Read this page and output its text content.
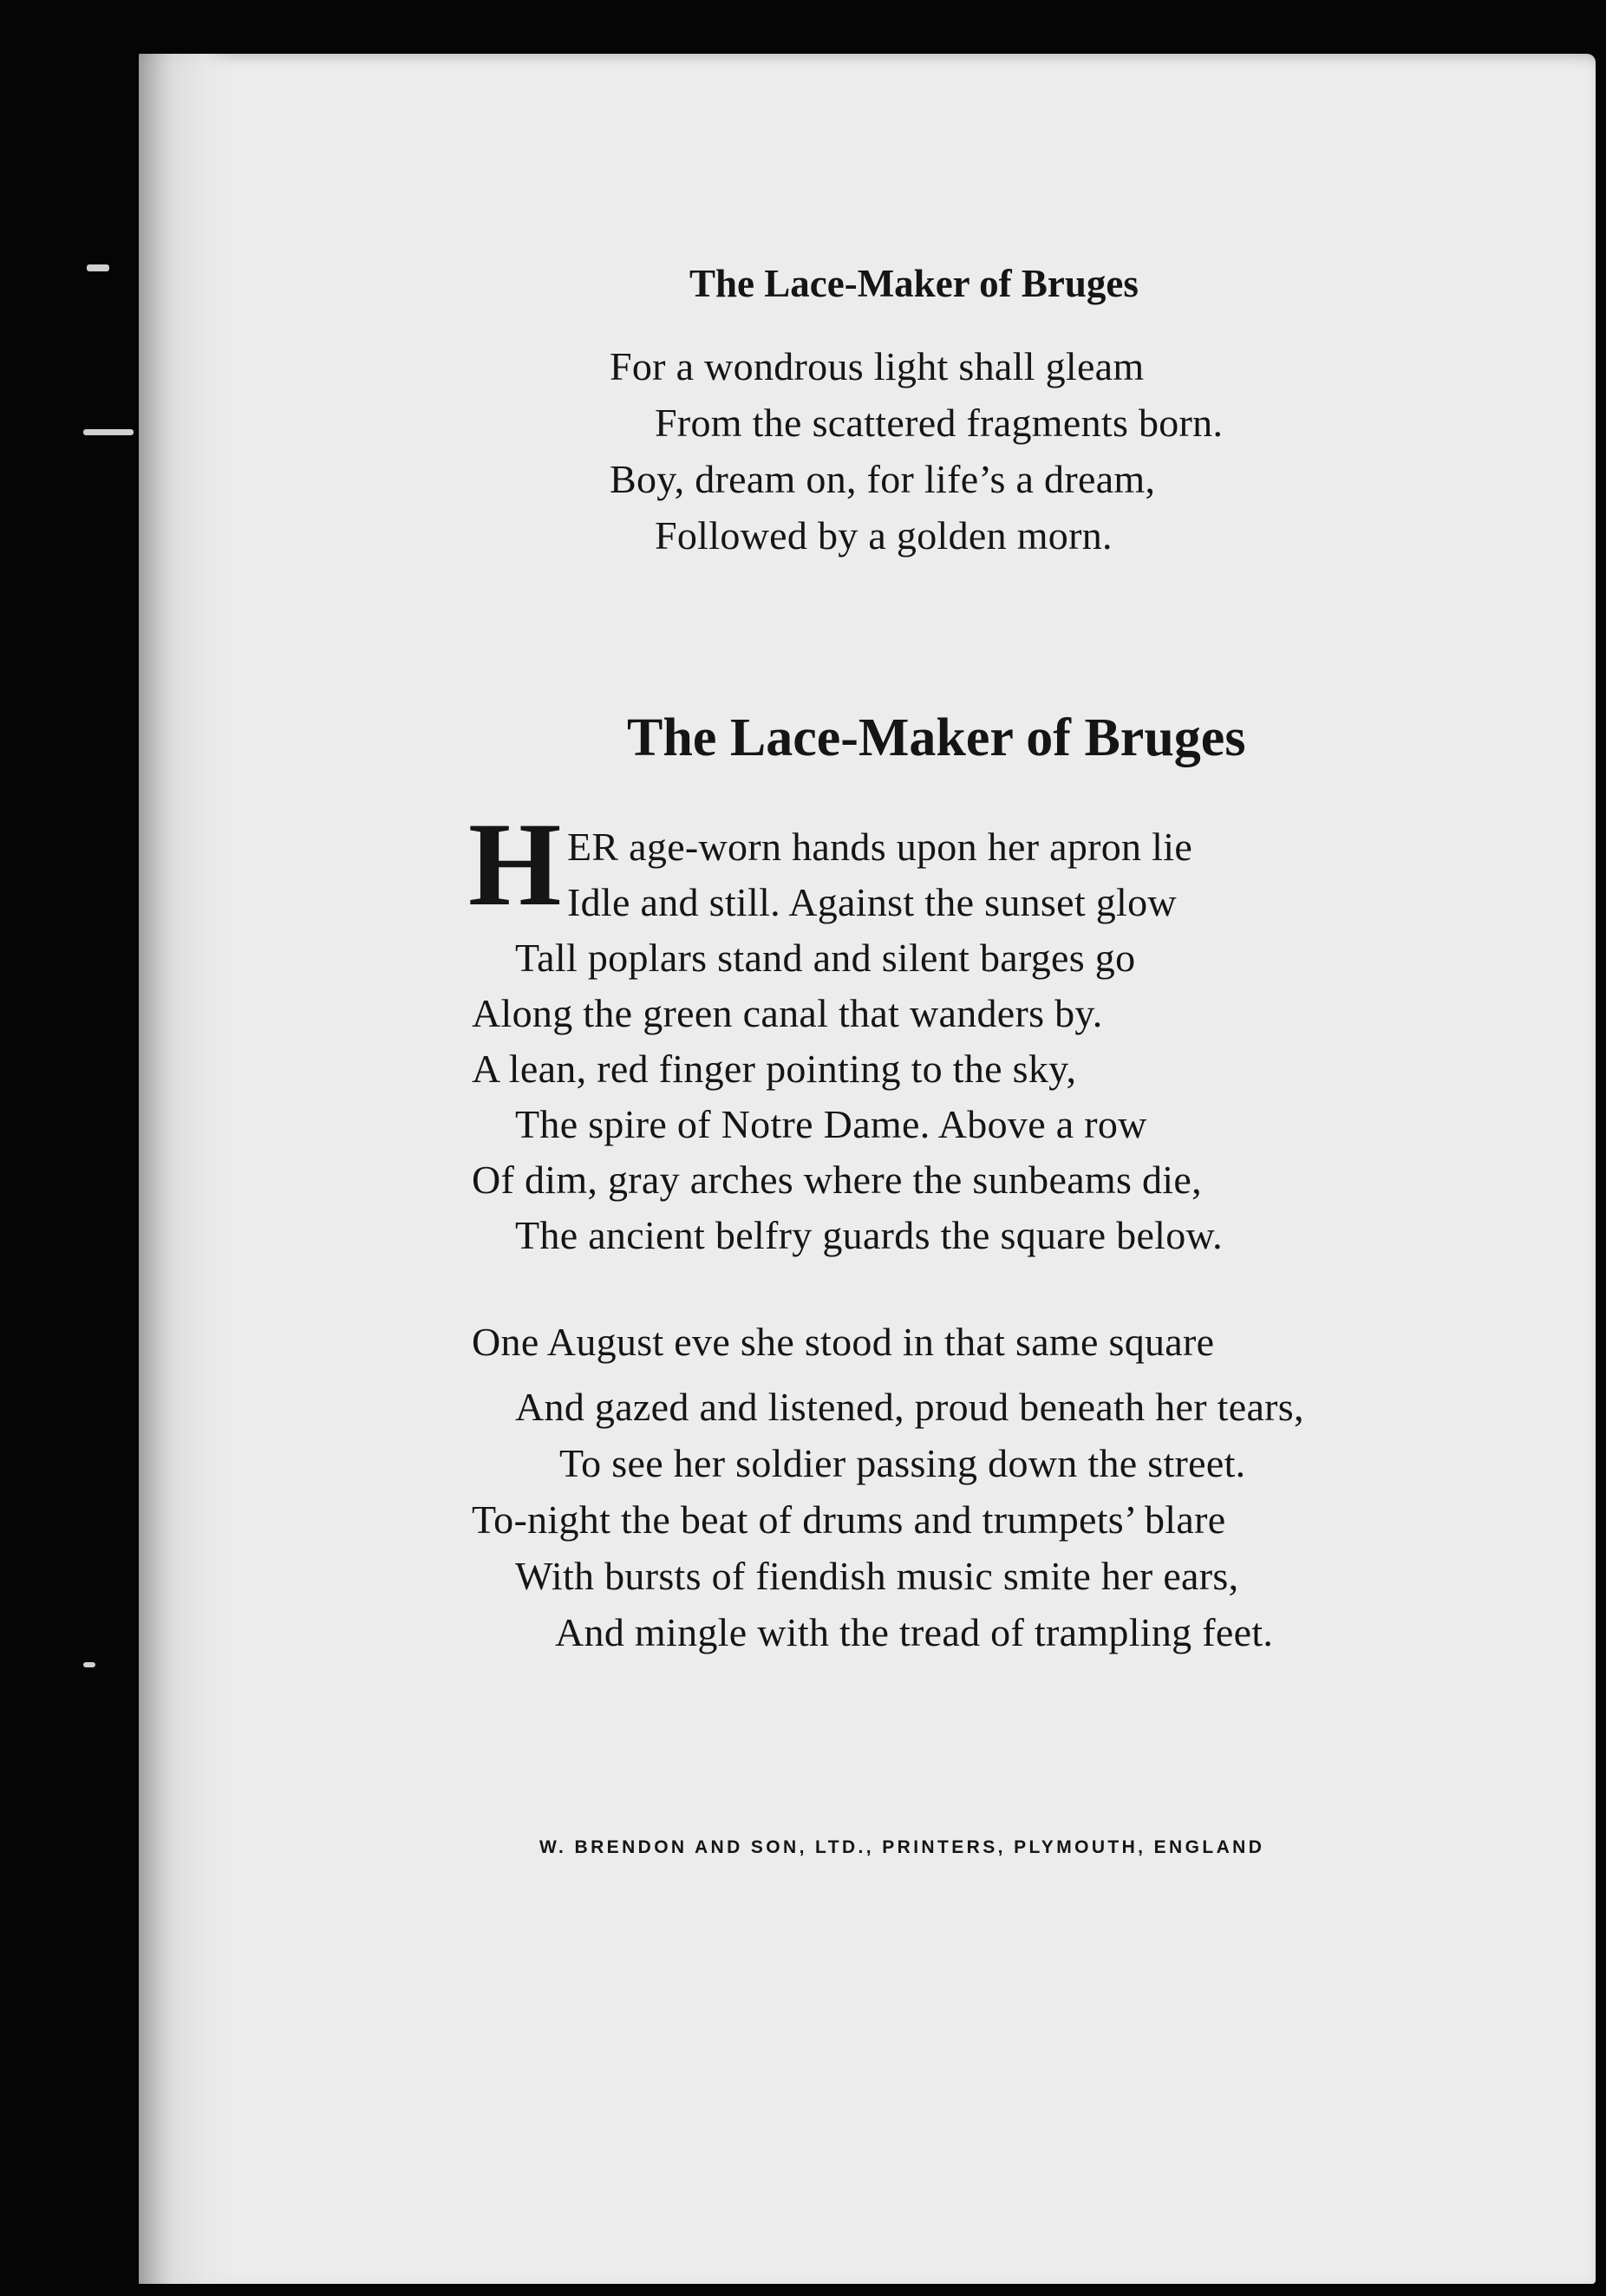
The Lace-Maker of Bruges
For a wondrous light shall gleam
From the scattered fragments born.
Boy, dream on, for life’s a dream,
Followed by a golden morn.
The Lace-Maker of Bruges
H ER age-worn hands upon her apron lie
Idle and still. Against the sunset glow
Tall poplars stand and silent barges go
Along the green canal that wanders by.
A lean, red finger pointing to the sky,
The spire of Notre Dame. Above a row
Of dim, gray arches where the sunbeams die,
The ancient belfry guards the square below.
One August eve she stood in that same square
And gazed and listened, proud beneath her tears,
To see her soldier passing down the street.
To-night the beat of drums and trumpets’ blare
With bursts of fiendish music smite her ears,
And mingle with the tread of trampling feet.
W. BRENDON AND SON, LTD., PRINTERS, PLYMOUTH, ENGLAND
